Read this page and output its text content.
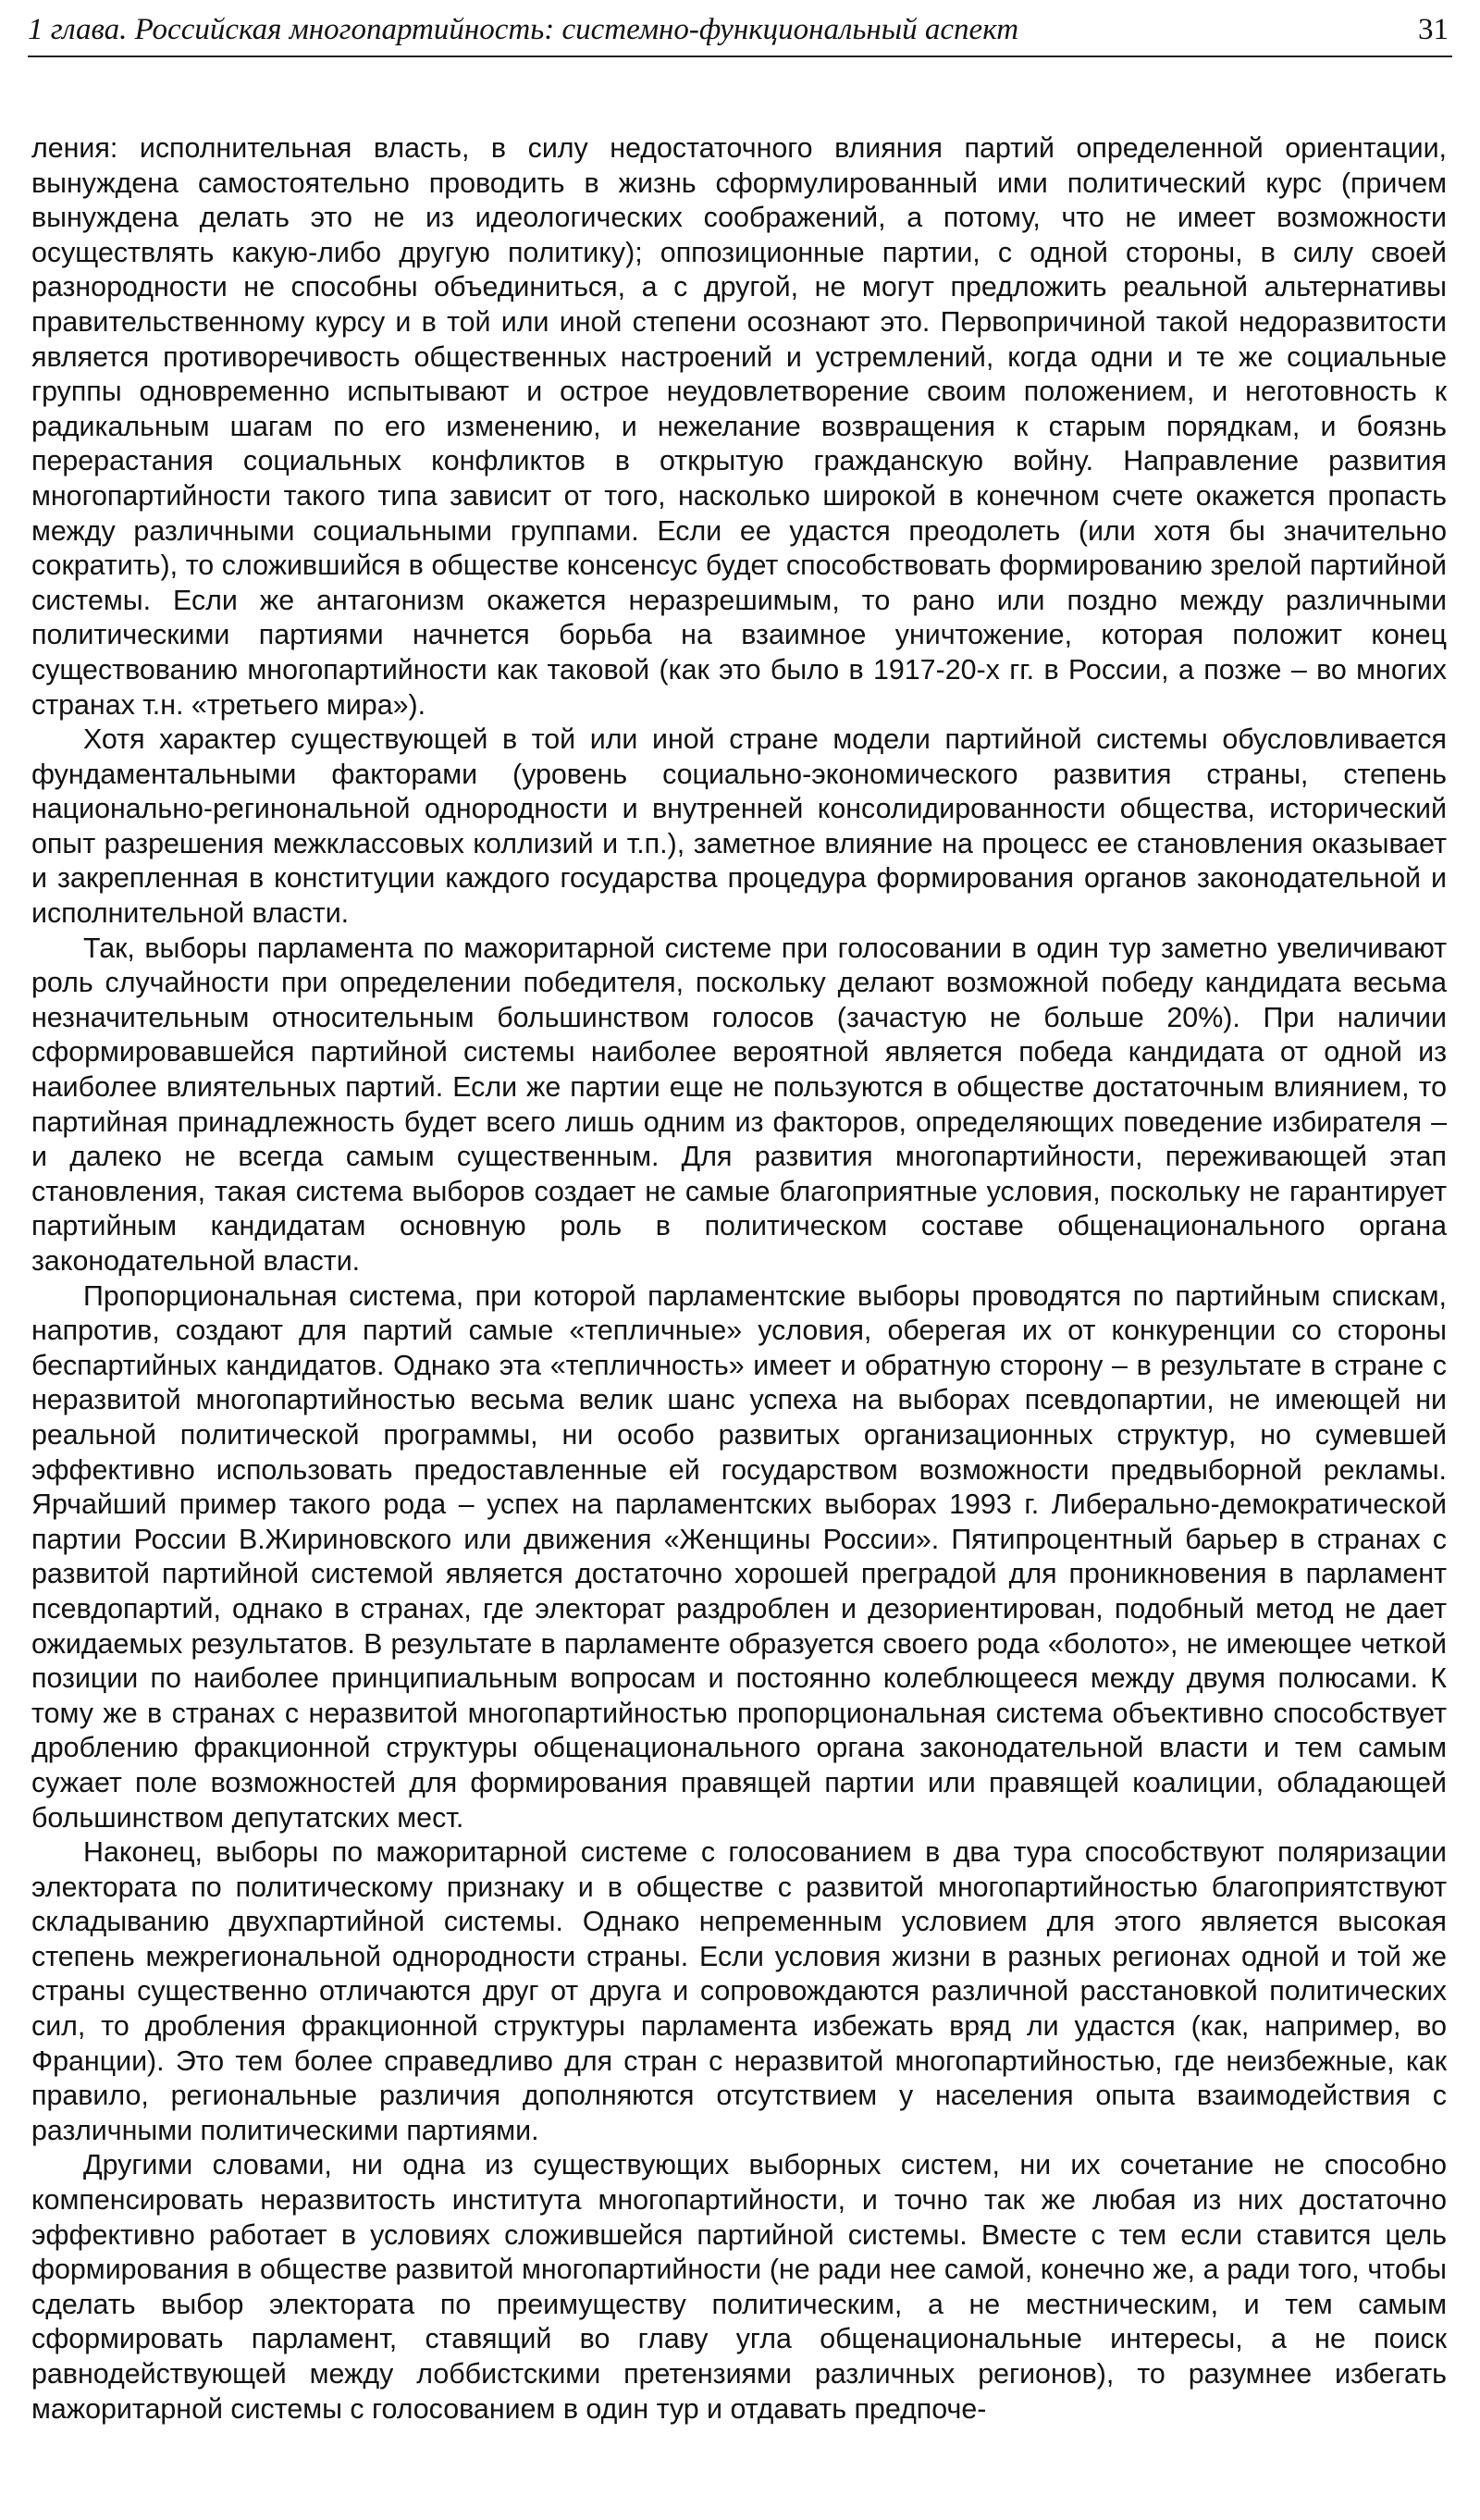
1 глава. Российская многопартийность: системно-функциональный аспект	31

ления: исполнительная власть, в силу недостаточного влияния партий определенной ориентации, вынуждена самостоятельно проводить в жизнь сформулированный ими политический курс (причем вынуждена делать это не из идеологических соображений, а потому, что не имеет возможности осуществлять какую-либо другую политику); оппозиционные партии, с одной стороны, в силу своей разнородности не способны объединиться, а с другой, не могут предложить реальной альтернативы правительственному курсу и в той или иной степени осознают это. Первопричиной такой недоразвитости является противоречивость общественных настроений и устремлений, когда одни и те же социальные группы одновременно испытывают и острое неудовлетворение своим положением, и неготовность к радикальным шагам по его изменению, и нежелание возвращения к старым порядкам, и боязнь перерастания социальных конфликтов в открытую гражданскую войну. Направление развития многопартийности такого типа зависит от того, насколько широкой в конечном счете окажется пропасть между различными социальными группами. Если ее удастся преодолеть (или хотя бы значительно сократить), то сложившийся в обществе консенсус будет способствовать формированию зрелой партийной системы. Если же антагонизм окажется неразрешимым, то рано или поздно между различными политическими партиями начнется борьба на взаимное уничтожение, которая положит конец существованию многопартийности как таковой (как это было в 1917-20-х гг. в России, а позже – во многих странах т.н. «третьего мира»).

Хотя характер существующей в той или иной стране модели партийной системы обусловливается фундаментальными факторами (уровень социально-экономического развития страны, степень национально-регинональной однородности и внутренней консолидированности общества, исторический опыт разрешения межклассовых коллизий и т.п.), заметное влияние на процесс ее становления оказывает и закрепленная в конституции каждого государства процедура формирования органов законодательной и исполнительной власти.

Так, выборы парламента по мажоритарной системе при голосовании в один тур заметно увеличивают роль случайности при определении победителя, поскольку делают возможной победу кандидата весьма незначительным относительным большинством голосов (зачастую не больше 20%). При наличии сформировавшейся партийной системы наиболее вероятной является победа кандидата от одной из наиболее влиятельных партий. Если же партии еще не пользуются в обществе достаточным влиянием, то партийная принадлежность будет всего лишь одним из факторов, определяющих поведение избирателя – и далеко не всегда самым существенным. Для развития многопартийности, переживающей этап становления, такая система выборов создает не самые благоприятные условия, поскольку не гарантирует партийным кандидатам основную роль в политическом составе общенационального органа законодательной власти.

Пропорциональная система, при которой парламентские выборы проводятся по партийным спискам, напротив, создают для партий самые «тепличные» условия, оберегая их от конкуренции со стороны беспартийных кандидатов. Однако эта «тепличность» имеет и обратную сторону – в результате в стране с неразвитой многопартийностью весьма велик шанс успеха на выборах псевдопартии, не имеющей ни реальной политической программы, ни особо развитых организационных структур, но сумевшей эффективно использовать предоставленные ей государством возможности предвыборной рекламы. Ярчайший пример такого рода – успех на парламентских выборах 1993 г. Либерально-демократической партии России В.Жириновского или движения «Женщины России». Пятипроцентный барьер в странах с развитой партийной системой является достаточно хорошей преградой для проникновения в парламент псевдопартий, однако в странах, где электорат раздроблен и дезориентирован, подобный метод не дает ожидаемых результатов. В результате в парламенте образуется своего рода «болото», не имеющее четкой позиции по наиболее принципиальным вопросам и постоянно колеблющееся между двумя полюсами. К тому же в странах с неразвитой многопартийностью пропорциональная система объективно способствует дроблению фракционной структуры общенационального органа законодательной власти и тем самым сужает поле возможностей для формирования правящей партии или правящей коалиции, обладающей большинством депутатских мест.

Наконец, выборы по мажоритарной системе с голосованием в два тура способствуют поляризации электората по политическому признаку и в обществе с развитой многопартийностью благоприятствуют складыванию двухпартийной системы. Однако непременным условием для этого является высокая степень межрегиональной однородности страны. Если условия жизни в разных регионах одной и той же страны существенно отличаются друг от друга и сопровождаются различной расстановкой политических сил, то дробления фракционной структуры парламента избежать вряд ли удастся (как, например, во Франции). Это тем более справедливо для стран с неразвитой многопартийностью, где неизбежные, как правило, региональные различия дополняются отсутствием у населения опыта взаимодействия с различными политическими партиями.

Другими словами, ни одна из существующих выборных систем, ни их сочетание не способно компенсировать неразвитость института многопартийности, и точно так же любая из них достаточно эффективно работает в условиях сложившейся партийной системы. Вместе с тем если ставится цель формирования в обществе развитой многопартийности (не ради нее самой, конечно же, а ради того, чтобы сделать выбор электората по преимуществу политическим, а не местническим, и тем самым сформировать парламент, ставящий во главу угла общенациональные интересы, а не поиск равнодействующей между лоббистскими претензиями различных регионов), то разумнее избегать мажоритарной системы с голосованием в один тур и отдавать предпоче-
